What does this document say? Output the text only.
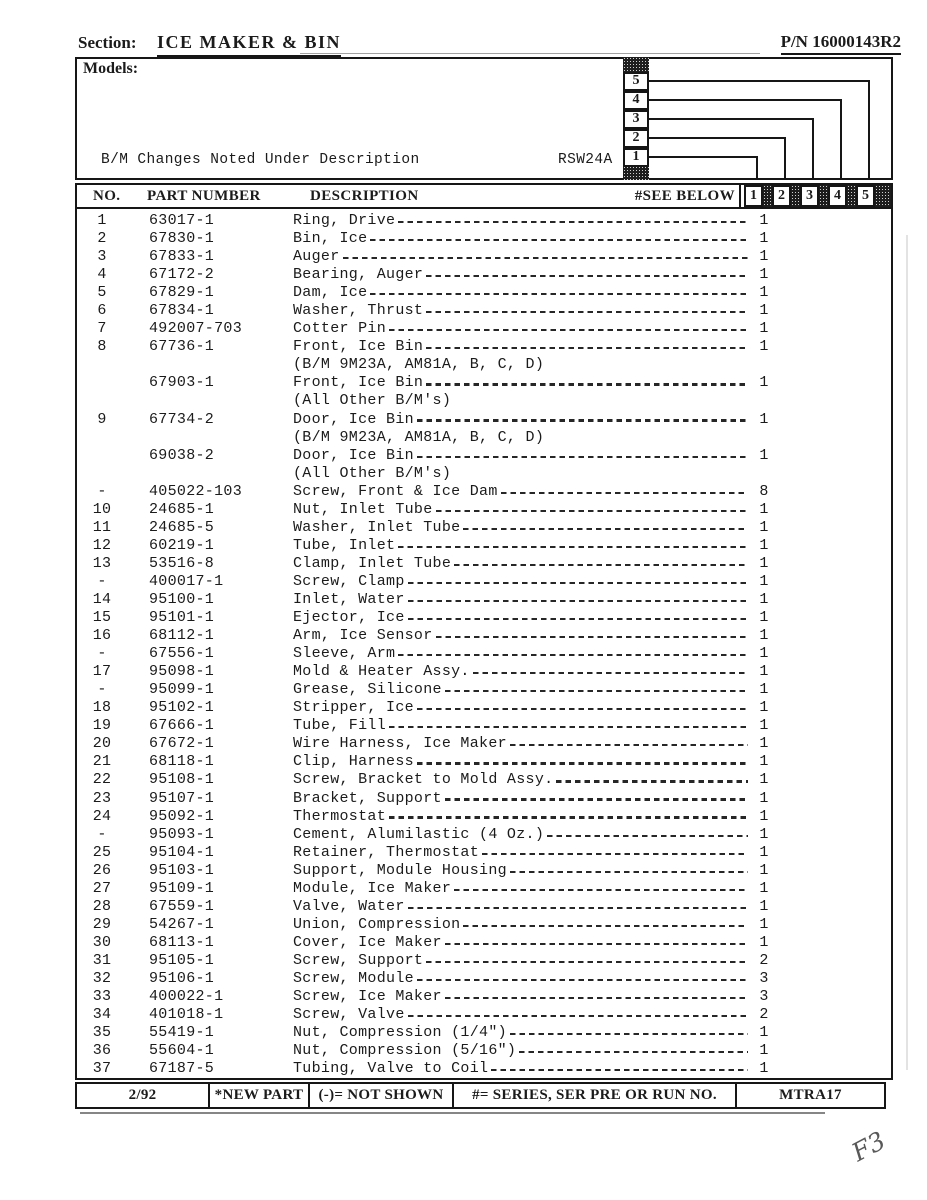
Section: ICE MAKER & BIN	P/N 16000143R2
Models:
B/M Changes Noted Under Description	RSW24A
5
4
3
2
1
NO. PART NUMBER	DESCRIPTION	#SEE BELOW	1	2	3	4	5
1	63017-1	Ring, Drive	1
2	67830-1	Bin, Ice	1
3	67833-1	Auger	1
4	67172-2	Bearing, Auger	1
5	67829-1	Dam, Ice	1
6	67834-1	Washer, Thrust	1
7	492007-703	Cotter Pin	1
8	67736-1	Front, Ice Bin	1
(B/M 9M23A, AM81A, B, C, D)
67903-1	Front, Ice Bin	1
(All Other B/M's)
9	67734-2	Door, Ice Bin	1
(B/M 9M23A, AM81A, B, C, D)
69038-2	Door, Ice Bin	1
(All Other B/M's)
-	405022-103	Screw, Front & Ice Dam	8
10	24685-1	Nut, Inlet Tube	1
11	24685-5	Washer, Inlet Tube	1
12	60219-1	Tube, Inlet	1
13	53516-8	Clamp, Inlet Tube	1
-	400017-1	Screw, Clamp	1
14	95100-1	Inlet, Water	1
15	95101-1	Ejector, Ice	1
16	68112-1	Arm, Ice Sensor	1
-	67556-1	Sleeve, Arm	1
17	95098-1	Mold & Heater Assy.	1
-	95099-1	Grease, Silicone	1
18	95102-1	Stripper, Ice	1
19	67666-1	Tube, Fill	1
20	67672-1	Wire Harness, Ice Maker	1
21	68118-1	Clip, Harness	1
22	95108-1	Screw, Bracket to Mold Assy.	1
23	95107-1	Bracket, Support	1
24	95092-1	Thermostat	1
-	95093-1	Cement, Alumilastic (4 Oz.)	1
25	95104-1	Retainer, Thermostat	1
26	95103-1	Support, Module Housing	1
27	95109-1	Module, Ice Maker	1
28	67559-1	Valve, Water	1
29	54267-1	Union, Compression	1
30	68113-1	Cover, Ice Maker	1
31	95105-1	Screw, Support	2
32	95106-1	Screw, Module	3
33	400022-1	Screw, Ice Maker	3
34	401018-1	Screw, Valve	2
35	55419-1	Nut, Compression (1/4")	1
36	55604-1	Nut, Compression (5/16")	1
37	67187-5	Tubing, Valve to Coil	1
2/92	*NEW PART	(-)= NOT SHOWN	#= SERIES, SER PRE OR RUN NO.	MTRA17
F3
